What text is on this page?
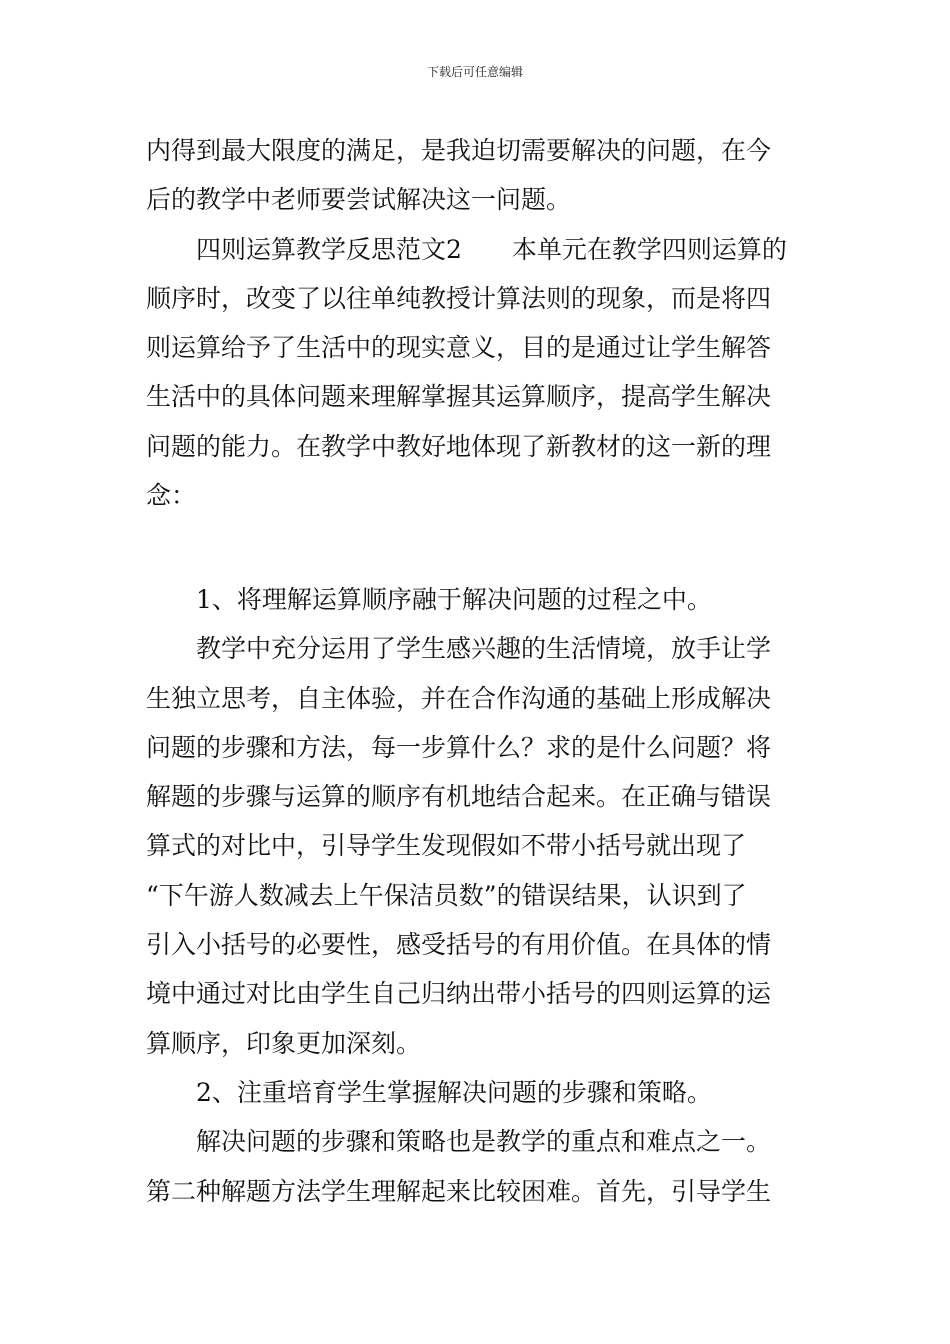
下载后可任意编辑
内得到最大限度的满足，是我迫切需要解决的问题，在今
后的教学中老师要尝试解决这一问题。
四则运算教学反思范文2　　本单元在教学四则运算的
顺序时，改变了以往单纯教授计算法则的现象，而是将四
则运算给予了生活中的现实意义，目的是通过让学生解答
生活中的具体问题来理解掌握其运算顺序，提高学生解决
问题的能力。在教学中教好地体现了新教材的这一新的理
念：
1、将理解运算顺序融于解决问题的过程之中。
教学中充分运用了学生感兴趣的生活情境，放手让学
生独立思考，自主体验，并在合作沟通的基础上形成解决
问题的步骤和方法，每一步算什么？求的是什么问题？将
解题的步骤与运算的顺序有机地结合起来。在正确与错误
算式的对比中，引导学生发现假如不带小括号就出现了
“下午游人数减去上午保洁员数”的错误结果，认识到了
引入小括号的必要性，感受括号的有用价值。在具体的情
境中通过对比由学生自己归纳出带小括号的四则运算的运
算顺序，印象更加深刻。
2、注重培育学生掌握解决问题的步骤和策略。
解决问题的步骤和策略也是教学的重点和难点之一。
第二种解题方法学生理解起来比较困难。首先，引导学生
